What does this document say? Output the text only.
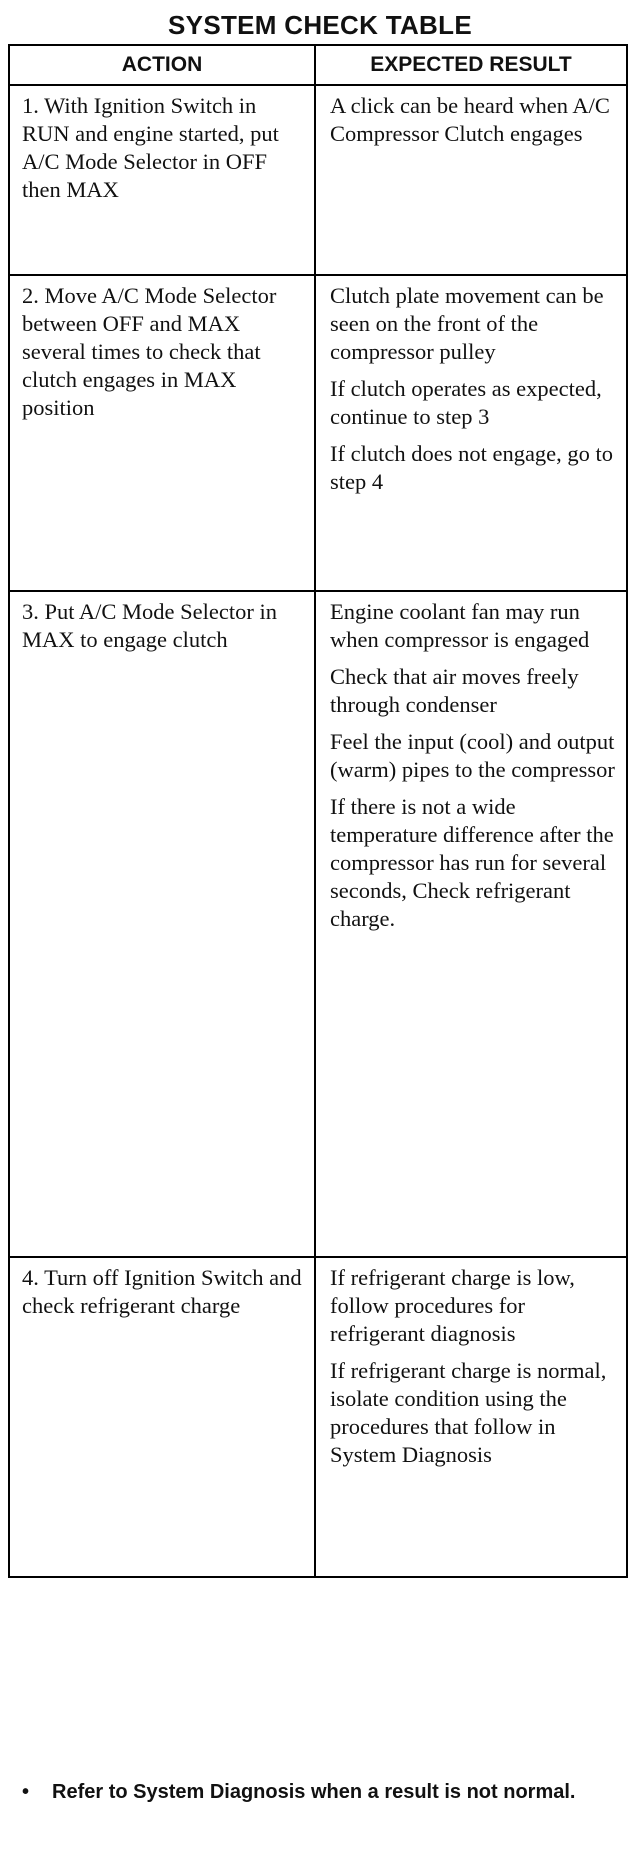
SYSTEM CHECK TABLE
ACTION	EXPECTED RESULT

1. With Ignition Switch in RUN and engine started, put A/C Mode Selector in OFF then MAX	A click can be heard when A/C Compressor Clutch engages

2. Move A/C Mode Selector between OFF and MAX several times to check that clutch engages in MAX position	Clutch plate movement can be seen on the front of the compressor pulley
If clutch operates as expected, continue to step 3
If clutch does not engage, go to step 4

3. Put A/C Mode Selector in MAX to engage clutch	Engine coolant fan may run when compressor is engaged
Check that air moves freely through condenser
Feel the input (cool) and output (warm) pipes to the compressor
If there is not a wide temperature difference after the compressor has run for several seconds, Check refrigerant charge.

4. Turn off Ignition Switch and check refrigerant charge	If refrigerant charge is low, follow procedures for refrigerant diagnosis
If refrigerant charge is normal, isolate condition using the procedures that follow in System Diagnosis
•	Refer to System Diagnosis when a result is not normal.
